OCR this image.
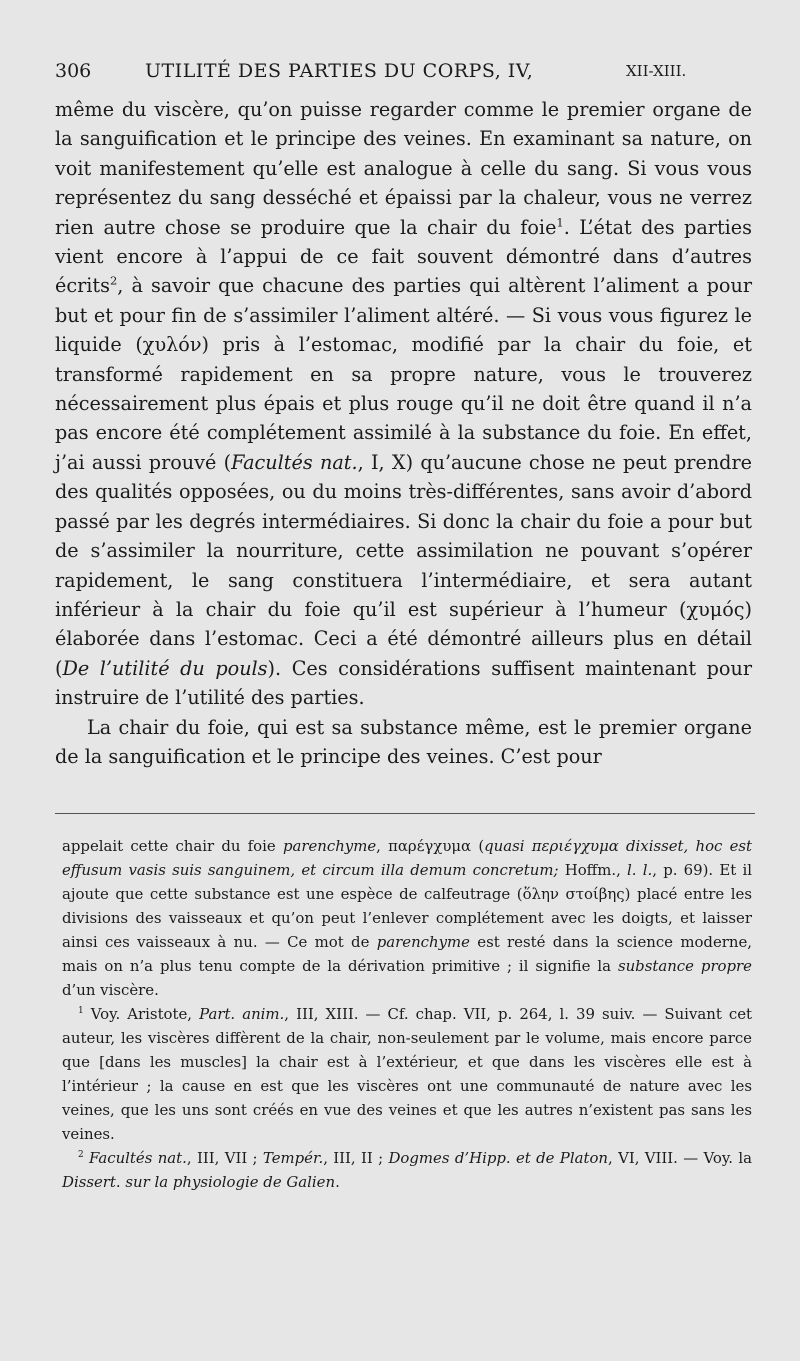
306	UTILITÉ DES PARTIES DU CORPS, IV,	XII-XIII.

même du viscère, qu’on puisse regarder comme le premier organe de la sanguification et le principe des veines. En examinant sa nature, on voit manifestement qu’elle est analogue à celle du sang. Si vous vous représentez du sang desséché et épaissi par la chaleur, vous ne verrez rien autre chose se produire que la chair du foie$^1$. L’état des parties vient encore à l’appui de ce fait souvent démontré dans d’autres écrits$^2$, à savoir que chacune des parties qui altèrent l’aliment a pour but et pour fin de s’assimiler l’aliment altéré. — Si vous vous figurez le liquide (χυλόν) pris à l’estomac, modifié par la chair du foie, et transformé rapidement en sa propre nature, vous le trouverez nécessairement plus épais et plus rouge qu’il ne doit être quand il n’a pas encore été complétement assimilé à la substance du foie. En effet, j’ai aussi prouvé (Facultés nat., I, X) qu’aucune chose ne peut prendre des qualités opposées, ou du moins très-différentes, sans avoir d’abord passé par les degrés intermédiaires. Si donc la chair du foie a pour but de s’assimiler la nourriture, cette assimilation ne pouvant s’opérer rapidement, le sang constituera l’intermédiaire, et sera autant inférieur à la chair du foie qu’il est supérieur à l’humeur (χυμός) élaborée dans l’estomac. Ceci a été démontré ailleurs plus en détail (De l’utilité du pouls). Ces considérations suffisent maintenant pour instruire de l’utilité des parties.

La chair du foie, qui est sa substance même, est le premier organe de la sanguification et le principe des veines. C’est pour

appelait cette chair du foie parenchyme, παρέγχυμα (quasi περιέγχυμα dixisset, hoc est effusum vasis suis sanguinem, et circum illa demum concretum; Hoffm., l. l., p. 69). Et il ajoute que cette substance est une espèce de calfeutrage (ὅλην στοίβης) placé entre les divisions des vaisseaux et qu’on peut l’enlever complétement avec les doigts, et laisser ainsi ces vaisseaux à nu. — Ce mot de parenchyme est resté dans la science moderne, mais on n’a plus tenu compte de la dérivation primitive ; il signifie la substance propre d’un viscère.

$^1$ Voy. Aristote, Part. anim., III, XIII. — Cf. chap. VII, p. 264, l. 39 suiv. — Suivant cet auteur, les viscères diffèrent de la chair, non-seulement par le volume, mais encore parce que [dans les muscles] la chair est à l’extérieur, et que dans les viscères elle est à l’intérieur ; la cause en est que les viscères ont une communauté de nature avec les veines, que les uns sont créés en vue des veines et que les autres n’existent pas sans les veines.

$^2$ Facultés nat., III, VII ; Tempér., III, II ; Dogmes d’Hipp. et de Platon, VI, VIII. — Voy. la Dissert. sur la physiologie de Galien.
